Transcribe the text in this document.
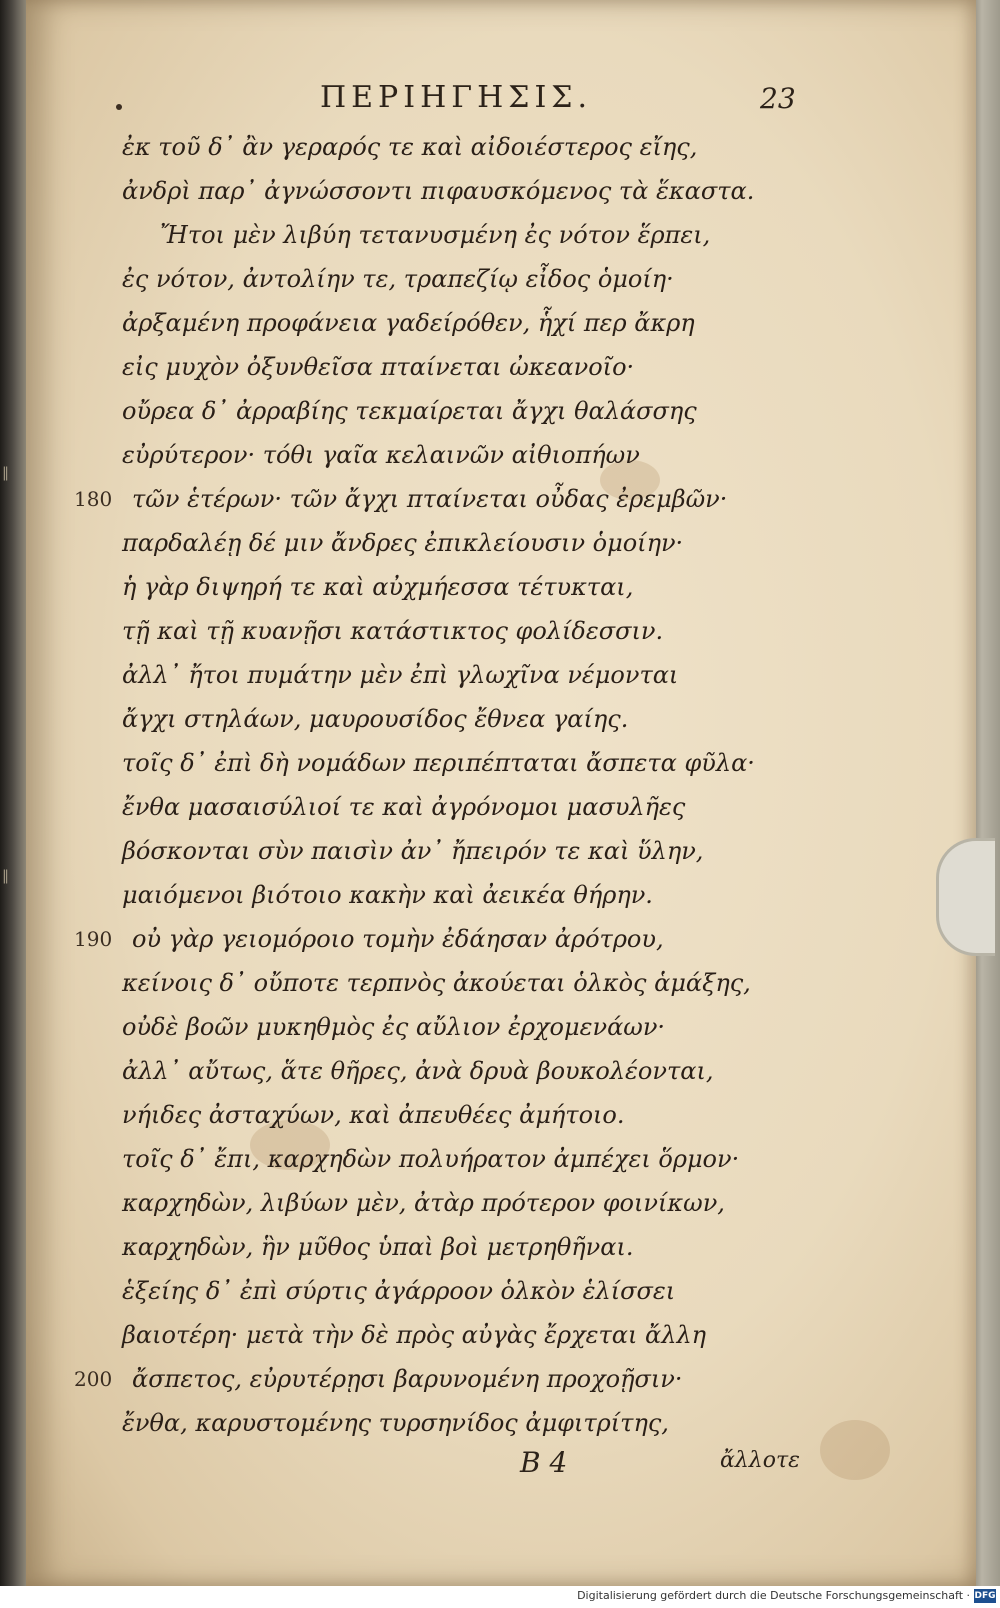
‖
‖
ΠΕΡΙΗΓΗΣΙΣ.	23
ἐκ τοῦ δ᾽ ἂν γεραρός τε καὶ αἰδοιέστερος εἴης,
ἀνδρὶ παρ᾽ ἀγνώσσοντι πιφαυσκόμενος τὰ ἕκαστα.
Ἤτοι μὲν λιβύη τετανυσμένη ἐς νότον ἕρπει,
ἐς νότον, ἀντολίην τε, τραπεζίῳ εἶδος ὁμοίη·
ἀρξαμένη προφάνεια γαδείρόθεν, ἧχί περ ἄκρη
εἰς μυχὸν ὀξυνθεῖσα πταίνεται ὠκεανοῖο·
οὔρεα δ᾽ ἀρραβίης τεκμαίρεται ἄγχι θαλάσσης
εὐρύτερον· τόθι γαῖα κελαινῶν αἰθιοπήων
180 τῶν ἑτέρων· τῶν ἄγχι πταίνεται οὖδας ἐρεμβῶν·
παρδαλέῃ δέ μιν ἄνδρες ἐπικλείουσιν ὁμοίην·
ἡ γὰρ διψηρή τε καὶ αὐχμήεσσα τέτυκται,
τῇ καὶ τῇ κυανῇσι κατάστικτος φολίδεσσιν.
ἀλλ᾽ ἤτοι πυμάτην μὲν ἐπὶ γλωχῖνα νέμονται
ἄγχι στηλάων, μαυρουσίδος ἔθνεα γαίης.
τοῖς δ᾽ ἐπὶ δὴ νομάδων περιπέπταται ἄσπετα φῦλα·
ἔνθα μασαισύλιοί τε καὶ ἀγρόνομοι μασυλῆες
βόσκονται σὺν παισὶν ἀν᾽ ἤπειρόν τε καὶ ὕλην,
μαιόμενοι βιότοιο κακὴν καὶ ἀεικέα θήρην.
190 οὐ γὰρ γειομόροιο τομὴν ἐδάησαν ἀρότρου,
κείνοις δ᾽ οὔποτε τερπνὸς ἀκούεται ὁλκὸς ἁμάξης,
οὐδὲ βοῶν μυκηθμὸς ἐς αὔλιον ἐρχομενάων·
ἀλλ᾽ αὔτως, ἅτε θῆρες, ἀνὰ δρυὰ βουκολέονται,
νήιδες ἀσταχύων, καὶ ἀπευθέες ἀμήτοιο.
τοῖς δ᾽ ἔπι, καρχηδὼν πολυήρατον ἀμπέχει ὅρμον·
καρχηδὼν, λιβύων μὲν, ἀτὰρ πρότερον φοινίκων,
καρχηδὼν, ἣν μῦθος ὑπαὶ βοὶ μετρηθῆναι.
ἑξείης δ᾽ ἐπὶ σύρτις ἀγάρροον ὁλκὸν ἑλίσσει
βαιοτέρη· μετὰ τὴν δὲ πρὸς αὐγὰς ἔρχεται ἄλλη
200 ἄσπετος, εὐρυτέρῃσι βαρυνομένη προχοῇσιν·
ἔνθα, καρυστομένης τυρσηνίδος ἀμφιτρίτης,
B 4	ἄλλοτε
Digitalisierung gefördert durch die Deutsche Forschungsgemeinschaft · DFG
